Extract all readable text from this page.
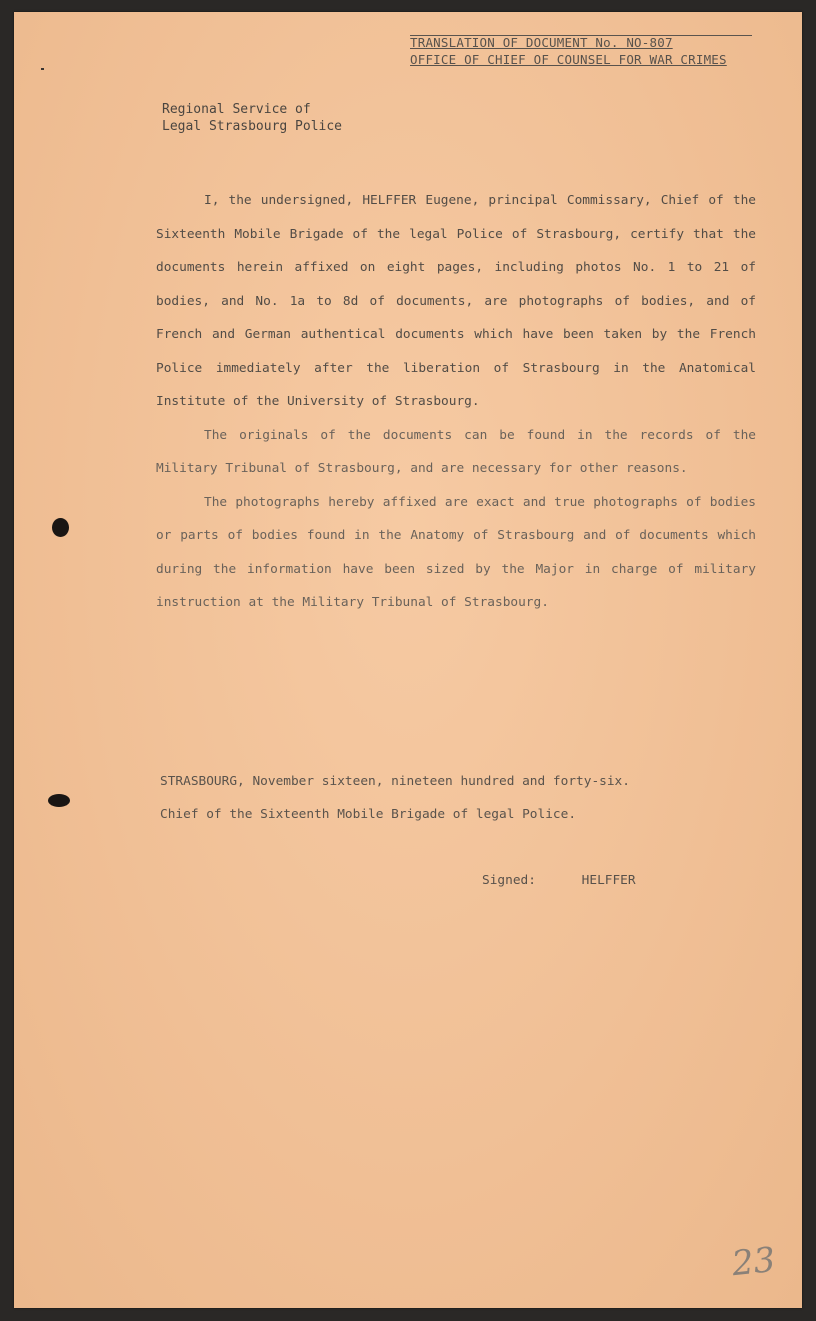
TRANSLATION OF DOCUMENT No. NO-807
OFFICE OF CHIEF OF COUNSEL FOR WAR CRIMES
Regional Service of
Legal Strasbourg Police

I, the undersigned, HELFFER Eugene, principal Commissary, Chief of the Sixteenth Mobile Brigade of the legal Police of Strasbourg, certify that the documents herein affixed on eight pages, including photos No. 1 to 21 of bodies, and No. 1a to 8d of documents, are photographs of bodies, and of French and German authentical documents which have been taken by the French Police immediately after the liberation of Strasbourg in the Anatomical Institute of the University of Strasbourg.

The originals of the documents can be found in the records of the Military Tribunal of Strasbourg, and are necessary for other reasons.

The photographs hereby affixed are exact and true photographs of bodies or parts of bodies found in the Anatomy of Strasbourg and of documents which during the information have been sized by the Major in charge of military instruction at the Military Tribunal of Strasbourg.

STRASBOURG, November sixteen, nineteen hundred and forty-six.
Chief of the Sixteenth Mobile Brigade of legal Police.
Signed:	HELFFER
23
